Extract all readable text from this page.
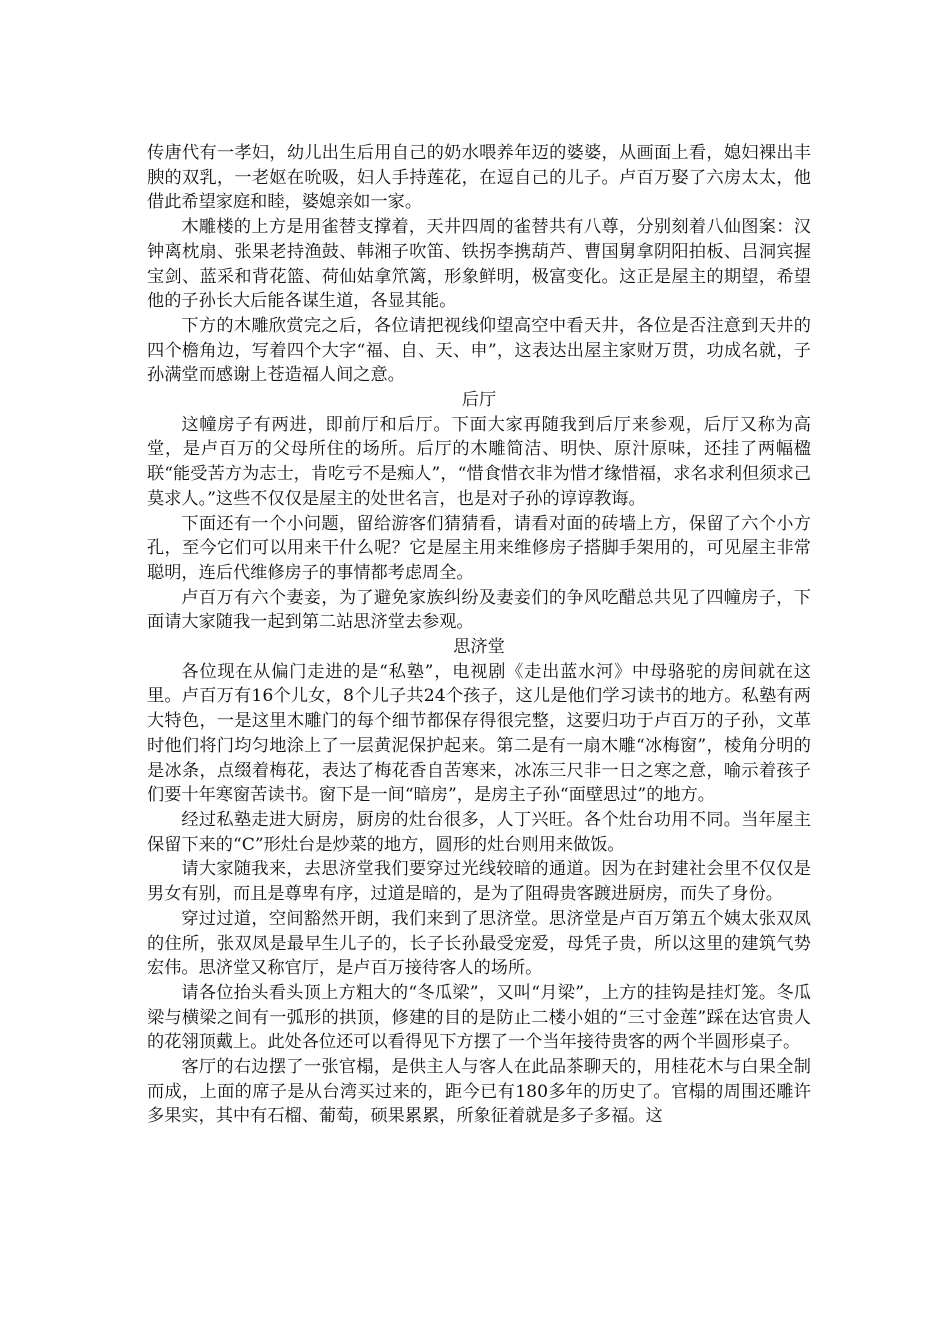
传唐代有一孝妇，幼儿出生后用自己的奶水喂养年迈的婆婆，从画面上看，媳妇裸出丰腴的双乳，一老妪在吮吸，妇人手持莲花，在逗自己的儿子。卢百万娶了六房太太，他借此希望家庭和睦，婆媳亲如一家。

木雕楼的上方是用雀替支撑着，天井四周的雀替共有八尊，分别刻着八仙图案：汉钟离枕扇、张果老持渔鼓、韩湘子吹笛、铁拐李携葫芦、曹国舅拿阴阳拍板、吕洞宾握宝剑、蓝采和背花篮、荷仙姑拿笊篱，形象鲜明，极富变化。这正是屋主的期望，希望他的子孙长大后能各谋生道，各显其能。

下方的木雕欣赏完之后，各位请把视线仰望高空中看天井，各位是否注意到天井的四个檐角边，写着四个大字“福、自、天、申”，这表达出屋主家财万贯，功成名就，子孙满堂而感谢上苍造福人间之意。

后厅

这幢房子有两进，即前厅和后厅。下面大家再随我到后厅来参观，后厅又称为高堂，是卢百万的父母所住的场所。后厅的木雕简洁、明快、原汁原味，还挂了两幅楹联“能受苦方为志士，肯吃亏不是痴人”，“惜食惜衣非为惜才缘惜福，求名求利但须求己莫求人。”这些不仅仅是屋主的处世名言，也是对子孙的谆谆教诲。

下面还有一个小问题，留给游客们猜猜看，请看对面的砖墙上方，保留了六个小方孔，至今它们可以用来干什么呢？它是屋主用来维修房子搭脚手架用的，可见屋主非常聪明，连后代维修房子的事情都考虑周全。

卢百万有六个妻妾，为了避免家族纠纷及妻妾们的争风吃醋总共见了四幢房子，下面请大家随我一起到第二站思济堂去参观。

思济堂

各位现在从偏门走进的是“私塾”，电视剧《走出蓝水河》中母骆驼的房间就在这里。卢百万有16个儿女，8个儿子共24个孩子，这儿是他们学习读书的地方。私塾有两大特色，一是这里木雕门的每个细节都保存得很完整，这要归功于卢百万的子孙，文革时他们将门均匀地涂上了一层黄泥保护起来。第二是有一扇木雕“冰梅窗”，棱角分明的是冰条，点缀着梅花，表达了梅花香自苦寒来，冰冻三尺非一日之寒之意，喻示着孩子们要十年寒窗苦读书。窗下是一间“暗房”，是房主子孙“面壁思过”的地方。

经过私塾走进大厨房，厨房的灶台很多，人丁兴旺。各个灶台功用不同。当年屋主保留下来的“C”形灶台是炒菜的地方，圆形的灶台则用来做饭。

请大家随我来，去思济堂我们要穿过光线较暗的通道。因为在封建社会里不仅仅是男女有别，而且是尊卑有序，过道是暗的，是为了阻碍贵客踱进厨房，而失了身份。

穿过过道，空间豁然开朗，我们来到了思济堂。思济堂是卢百万第五个姨太张双凤的住所，张双凤是最早生儿子的，长子长孙最受宠爱，母凭子贵，所以这里的建筑气势宏伟。思济堂又称官厅，是卢百万接待客人的场所。

请各位抬头看头顶上方粗大的“冬瓜梁”，又叫“月梁”，上方的挂钩是挂灯笼。冬瓜梁与横梁之间有一弧形的拱顶，修建的目的是防止二楼小姐的“三寸金莲”踩在达官贵人的花翎顶戴上。此处各位还可以看得见下方摆了一个当年接待贵客的两个半圆形桌子。

客厅的右边摆了一张官榻，是供主人与客人在此品茶聊天的，用桂花木与白果全制而成，上面的席子是从台湾买过来的，距今已有180多年的历史了。官榻的周围还雕许多果实，其中有石榴、葡萄，硕果累累，所象征着就是多子多福。这
